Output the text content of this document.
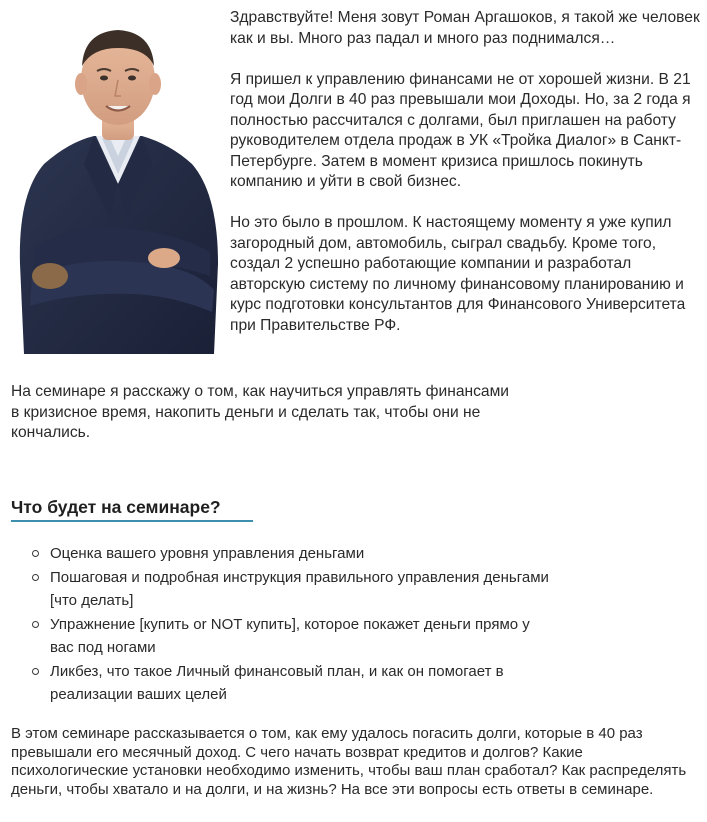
Здравствуйте! Меня зовут Роман Аргашоков, я такой же человек как и вы. Много раз падал и много раз поднимался…

Я пришел к управлению финансами не от хорошей жизни. В 21 год мои Долги в 40 раз превышали мои Доходы. Но, за 2 года я полностью рассчитался с долгами, был приглашен на работу руководителем отдела продаж в УК «Тройка Диалог» в Санкт-Петербурге. Затем в момент кризиса пришлось покинуть компанию и уйти в свой бизнес.

Но это было в прошлом. К настоящему моменту я уже купил загородный дом, автомобиль, сыграл свадьбу. Кроме того, создал 2 успешно работающие компании и разработал авторскую систему по личному финансовому планированию и курс подготовки консультантов для Финансового Университета при Правительстве РФ.

На семинаре я расскажу о том, как научиться управлять финансами в кризисное время, накопить деньги и сделать так, чтобы они не кончались.

Что будет на семинаре?
Оценка вашего уровня управления деньгами
Пошаговая и подробная инструкция правильного управления деньгами [что делать]
Упражнение [купить or NOT купить], которое покажет деньги прямо у вас под ногами
Ликбез, что такое Личный финансовый план, и как он помогает в реализации ваших целей

В этом семинаре рассказывается о том, как ему удалось погасить долги, которые в 40 раз превышали его месячный доход. С чего начать возврат кредитов и долгов? Какие психологические установки необходимо изменить, чтобы ваш план сработал? Как распределять деньги, чтобы хватало и на долги, и на жизнь? На все эти вопросы есть ответы в семинаре.
